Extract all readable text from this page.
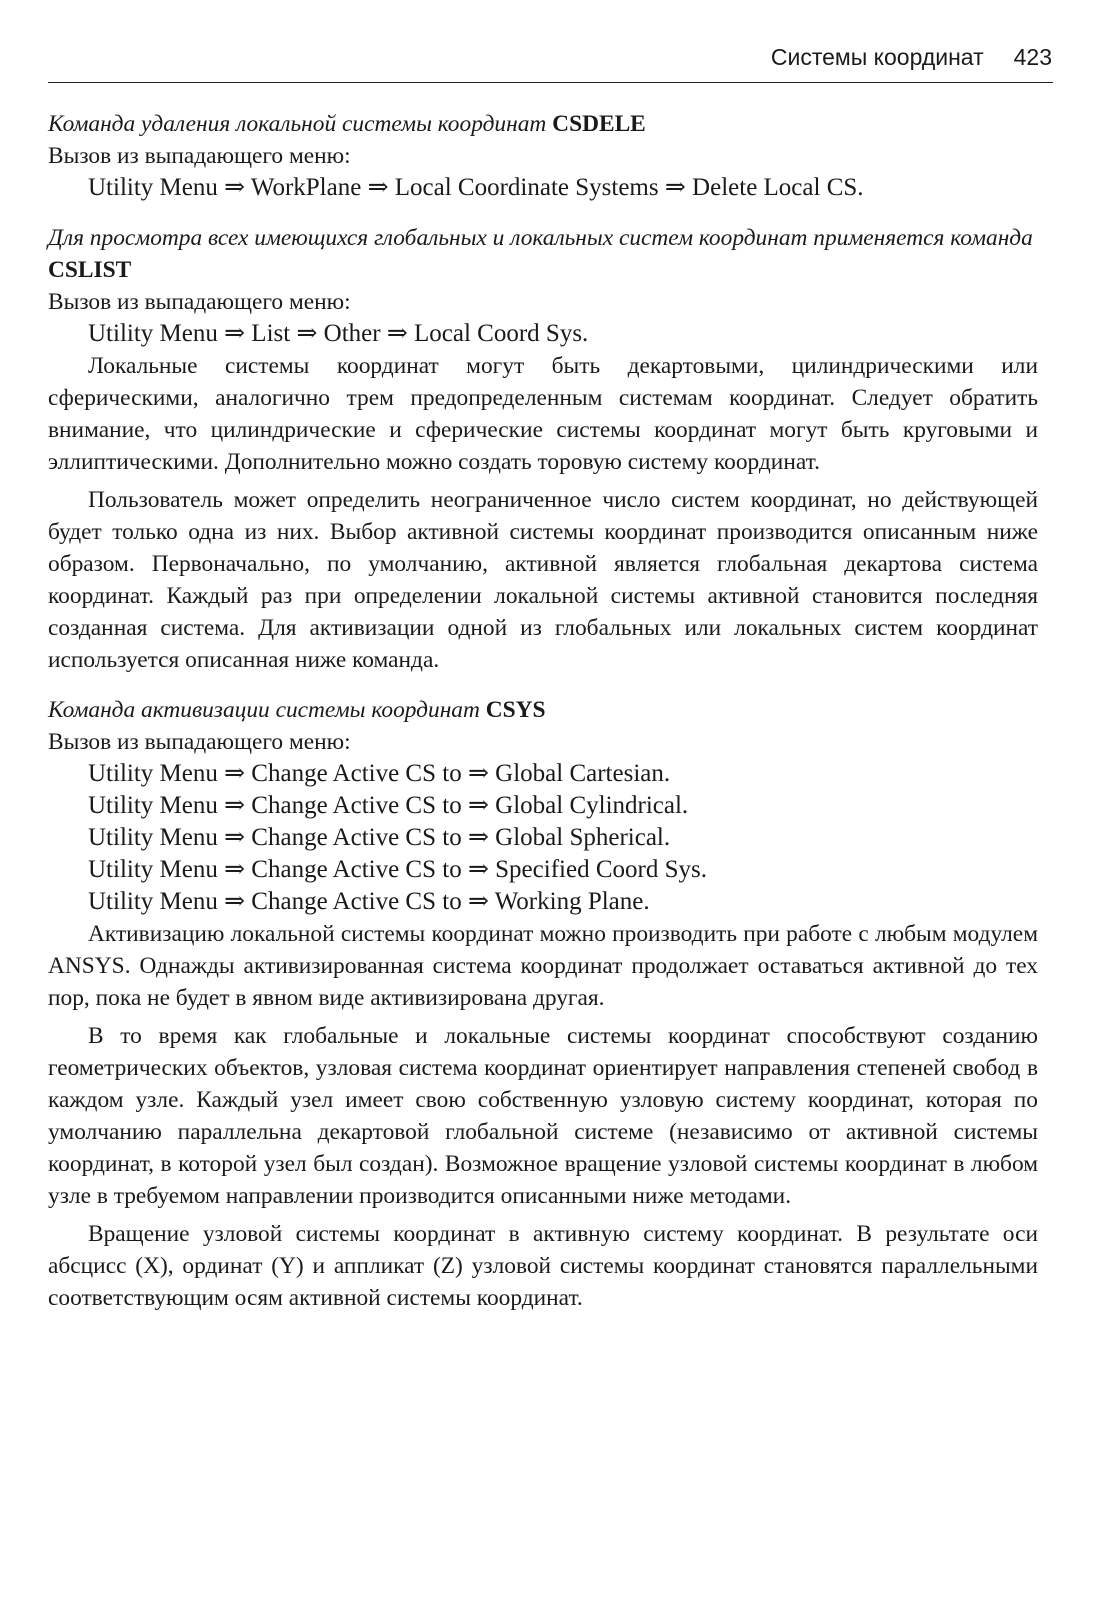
Системы координат 423

Команда удаления локальной системы координат CSDELE

Вызов из выпадающего меню:

Utility Menu ⇒ WorkPlane ⇒ Local Coordinate Systems ⇒ Delete Local CS.

Для просмотра всех имеющихся глобальных и локальных систем координат применяется команда CSLIST

Вызов из выпадающего меню:

Utility Menu ⇒ List ⇒ Other ⇒ Local Coord Sys.

Локальные системы координат могут быть декартовыми, цилиндрическими или сферическими, аналогично трем предопределенным системам координат. Следует обратить внимание, что цилиндрические и сферические системы координат могут быть круговыми и эллиптическими. Дополнительно можно создать торовую систему координат.

Пользователь может определить неограниченное число систем координат, но действующей будет только одна из них. Выбор активной системы координат производится описанным ниже образом. Первоначально, по умолчанию, активной является глобальная декартова система координат. Каждый раз при определении локальной системы активной становится последняя созданная система. Для активизации одной из глобальных или локальных систем координат используется описанная ниже команда.

Команда активизации системы координат CSYS

Вызов из выпадающего меню:

Utility Menu ⇒ Change Active CS to ⇒ Global Cartesian.

Utility Menu ⇒ Change Active CS to ⇒ Global Cylindrical.

Utility Menu ⇒ Change Active CS to ⇒ Global Spherical.

Utility Menu ⇒ Change Active CS to ⇒ Specified Coord Sys.

Utility Menu ⇒ Change Active CS to ⇒ Working Plane.

Активизацию локальной системы координат можно производить при работе с любым модулем ANSYS. Однажды активизированная система координат продолжает оставаться активной до тех пор, пока не будет в явном виде активизирована другая.

В то время как глобальные и локальные системы координат способствуют созданию геометрических объектов, узловая система координат ориентирует направления степеней свобод в каждом узле. Каждый узел имеет свою собственную узловую систему координат, которая по умолчанию параллельна декартовой глобальной системе (независимо от активной системы координат, в которой узел был создан). Возможное вращение узловой системы координат в любом узле в требуемом направлении производится описанными ниже методами.

Вращение узловой системы координат в активную систему координат. В результате оси абсцисс (X), ординат (Y) и аппликат (Z) узловой системы координат становятся параллельными соответствующим осям активной системы координат.
